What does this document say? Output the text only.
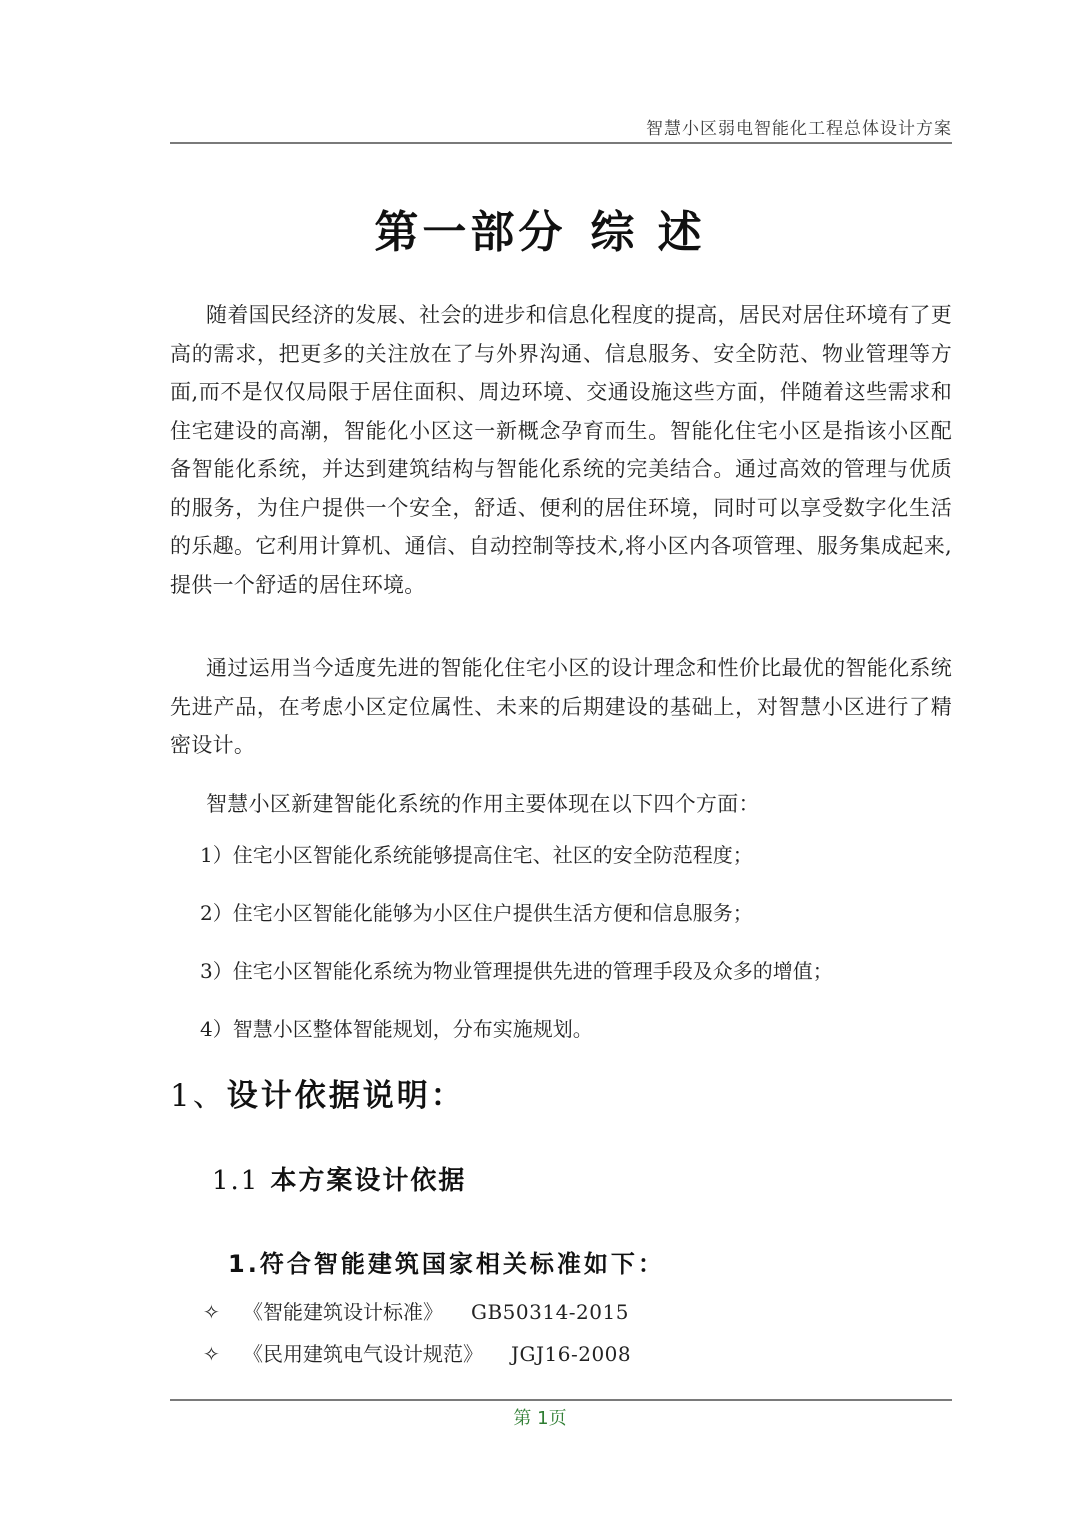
智慧小区弱电智能化工程总体设计方案
第一部分 综 述

随着国民经济的发展、社会的进步和信息化程度的提高，居民对居住环境有了更高的需求，把更多的关注放在了与外界沟通、信息服务、安全防范、物业管理等方面,而不是仅仅局限于居住面积、周边环境、交通设施这些方面，伴随着这些需求和住宅建设的高潮，智能化小区这一新概念孕育而生。智能化住宅小区是指该小区配备智能化系统，并达到建筑结构与智能化系统的完美结合。通过高效的管理与优质的服务，为住户提供一个安全，舒适、便利的居住环境，同时可以享受数字化生活的乐趣。它利用计算机、通信、自动控制等技术,将小区内各项管理、服务集成起来,提供一个舒适的居住环境。

通过运用当今适度先进的智能化住宅小区的设计理念和性价比最优的智能化系统先进产品，在考虑小区定位属性、未来的后期建设的基础上，对智慧小区进行了精密设计。

智慧小区新建智能化系统的作用主要体现在以下四个方面：

1）住宅小区智能化系统能够提高住宅、社区的安全防范程度；
2）住宅小区智能化能够为小区住户提供生活方便和信息服务；
3）住宅小区智能化系统为物业管理提供先进的管理手段及众多的增值；
4）智慧小区整体智能规划，分布实施规划。
1、设计依据说明：
1.1 本方案设计依据
1.符合智能建筑国家相关标准如下：
✧ 《智能建筑设计标准》 GB50314-2015
✧ 《民用建筑电气设计规范》 JGJ16-2008
第 1页
